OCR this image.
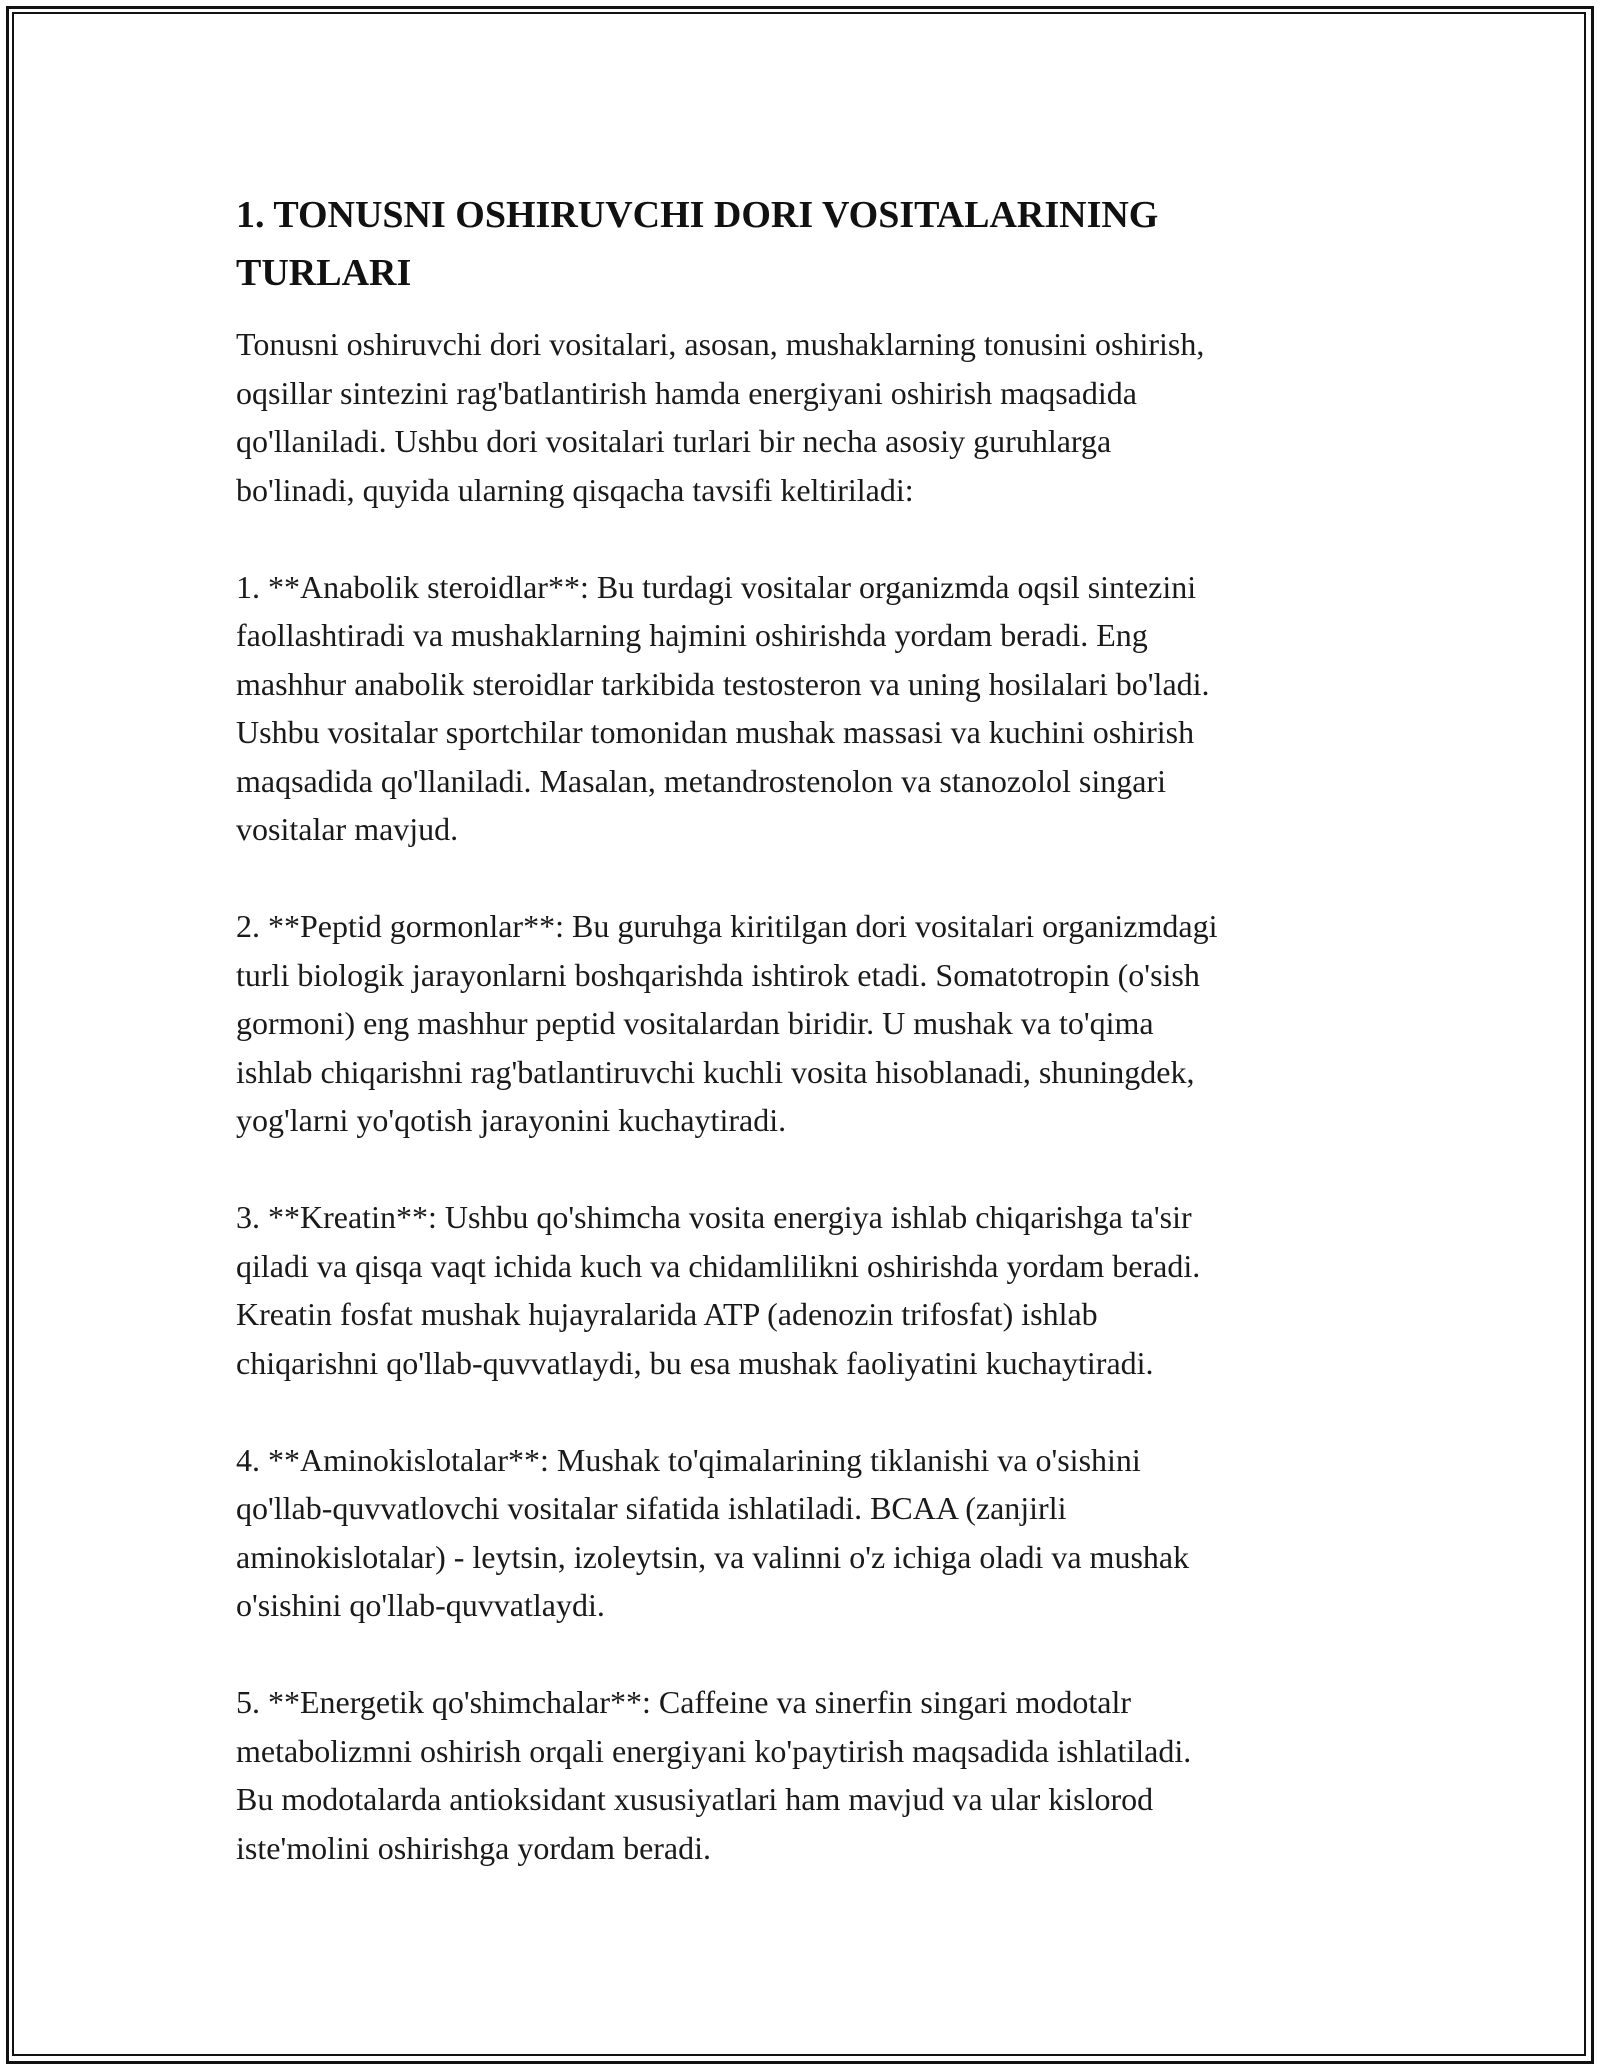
1. TONUSNI OSHIRUVCHI DORI VOSITALARINING
TURLARI

Tonusni oshiruvchi dori vositalari, asosan, mushaklarning tonusini oshirish,
oqsillar sintezini rag'batlantirish hamda energiyani oshirish maqsadida
qo'llaniladi. Ushbu dori vositalari turlari bir necha asosiy guruhlarga
bo'linadi, quyida ularning qisqacha tavsifi keltiriladi:

1. **Anabolik steroidlar**: Bu turdagi vositalar organizmda oqsil sintezini
faollashtiradi va mushaklarning hajmini oshirishda yordam beradi. Eng
mashhur anabolik steroidlar tarkibida testosteron va uning hosilalari bo'ladi.
Ushbu vositalar sportchilar tomonidan mushak massasi va kuchini oshirish
maqsadida qo'llaniladi. Masalan, metandrostenolon va stanozolol singari
vositalar mavjud.

2. **Peptid gormonlar**: Bu guruhga kiritilgan dori vositalari organizmdagi
turli biologik jarayonlarni boshqarishda ishtirok etadi. Somatotropin (o'sish
gormoni) eng mashhur peptid vositalardan biridir. U mushak va to'qima
ishlab chiqarishni rag'batlantiruvchi kuchli vosita hisoblanadi, shuningdek,
yog'larni yo'qotish jarayonini kuchaytiradi.

3. **Kreatin**: Ushbu qo'shimcha vosita energiya ishlab chiqarishga ta'sir
qiladi va qisqa vaqt ichida kuch va chidamlilikni oshirishda yordam beradi.
Kreatin fosfat mushak hujayralarida ATP (adenozin trifosfat) ishlab
chiqarishni qo'llab-quvvatlaydi, bu esa mushak faoliyatini kuchaytiradi.

4. **Aminokislotalar**: Mushak to'qimalarining tiklanishi va o'sishini
qo'llab-quvvatlovchi vositalar sifatida ishlatiladi. BCAA (zanjirli
aminokislotalar) - leytsin, izoleytsin, va valinni o'z ichiga oladi va mushak
o'sishini qo'llab-quvvatlaydi.

5. **Energetik qo'shimchalar**: Caffeine va sinerfin singari modotalr
metabolizmni oshirish orqali energiyani ko'paytirish maqsadida ishlatiladi.
Bu modotalarda antioksidant xususiyatlari ham mavjud va ular kislorod
iste'molini oshirishga yordam beradi.
